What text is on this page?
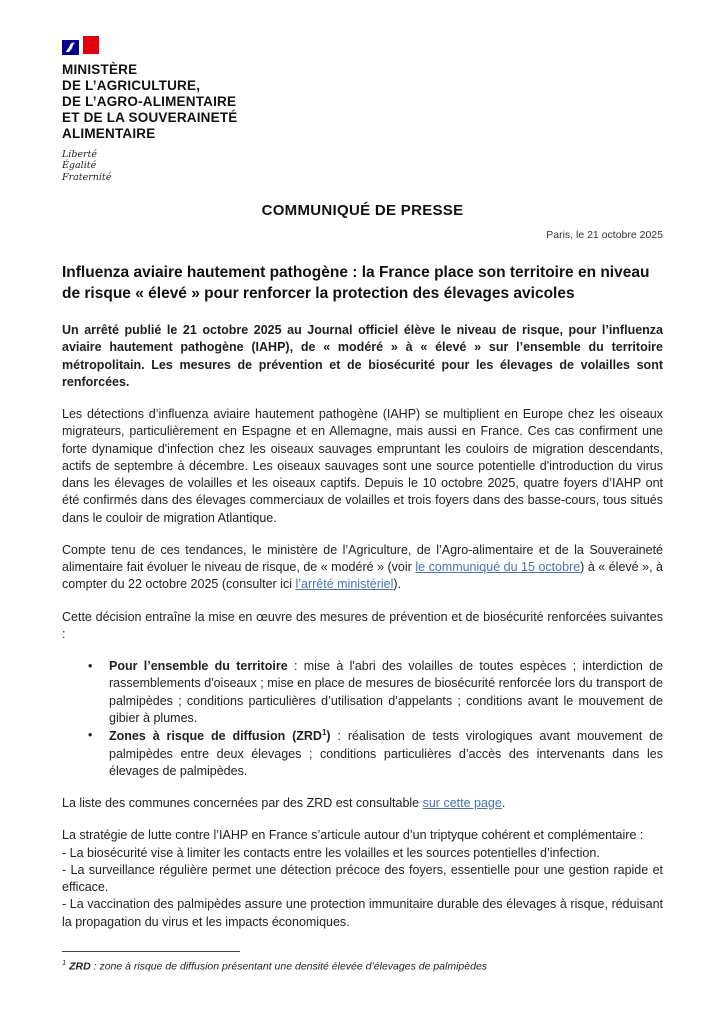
MINISTÈRE
DE L’AGRICULTURE,
DE L’AGRO-ALIMENTAIRE
ET DE LA SOUVERAINETÉ
ALIMENTAIRE
Liberté
Égalité
Fraternité
COMMUNIQUÉ DE PRESSE
Paris, le 21 octobre 2025
Influenza aviaire hautement pathogène : la France place son territoire en niveau de risque « élevé » pour renforcer la protection des élevages avicoles

Un arrêté publié le 21 octobre 2025 au Journal officiel élève le niveau de risque, pour l’influenza aviaire hautement pathogène (IAHP), de « modéré » à « élevé » sur l’ensemble du territoire métropolitain. Les mesures de prévention et de biosécurité pour les élevages de volailles sont renforcées.

Les détections d’influenza aviaire hautement pathogène (IAHP) se multiplient en Europe chez les oiseaux migrateurs, particulièrement en Espagne et en Allemagne, mais aussi en France. Ces cas confirment une forte dynamique d'infection chez les oiseaux sauvages empruntant les couloirs de migration descendants, actifs de septembre à décembre. Les oiseaux sauvages sont une source potentielle d'introduction du virus dans les élevages de volailles et les oiseaux captifs. Depuis le 10 octobre 2025, quatre foyers d’IAHP ont été confirmés dans des élevages commerciaux de volailles et trois foyers dans des basse-cours, tous situés dans le couloir de migration Atlantique.

Compte tenu de ces tendances, le ministère de l’Agriculture, de l’Agro-alimentaire et de la Souveraineté alimentaire fait évoluer le niveau de risque, de « modéré » (voir le communiqué du 15 octobre) à « élevé », à compter du 22 octobre 2025 (consulter ici l’arrêté ministériel).

Cette décision entraîne la mise en œuvre des mesures de prévention et de biosécurité renforcées suivantes :

•	Pour l’ensemble du territoire : mise à l'abri des volailles de toutes espèces ; interdiction de rassemblements d'oiseaux ; mise en place de mesures de biosécurité renforcée lors du transport de palmipèdes ; conditions particulières d’utilisation d’appelants ; conditions avant le mouvement de gibier à plumes.
•	Zones à risque de diffusion (ZRD$^1$) : réalisation de tests virologiques avant mouvement de palmipèdes entre deux élevages ; conditions particulières d’accès des intervenants dans les élevages de palmipèdes.

La liste des communes concernées par des ZRD est consultable sur cette page.

La stratégie de lutte contre l’IAHP en France s’articule autour d’un triptyque cohérent et complémentaire :

- La biosécurité vise à limiter les contacts entre les volailles et les sources potentielles d’infection.

- La surveillance régulière permet une détection précoce des foyers, essentielle pour une gestion rapide et efficace.

- La vaccination des palmipèdes assure une protection immunitaire durable des élevages à risque, réduisant la propagation du virus et les impacts économiques.

$^1$ ZRD : zone à risque de diffusion présentant une densité élevée d’élevages de palmipèdes
